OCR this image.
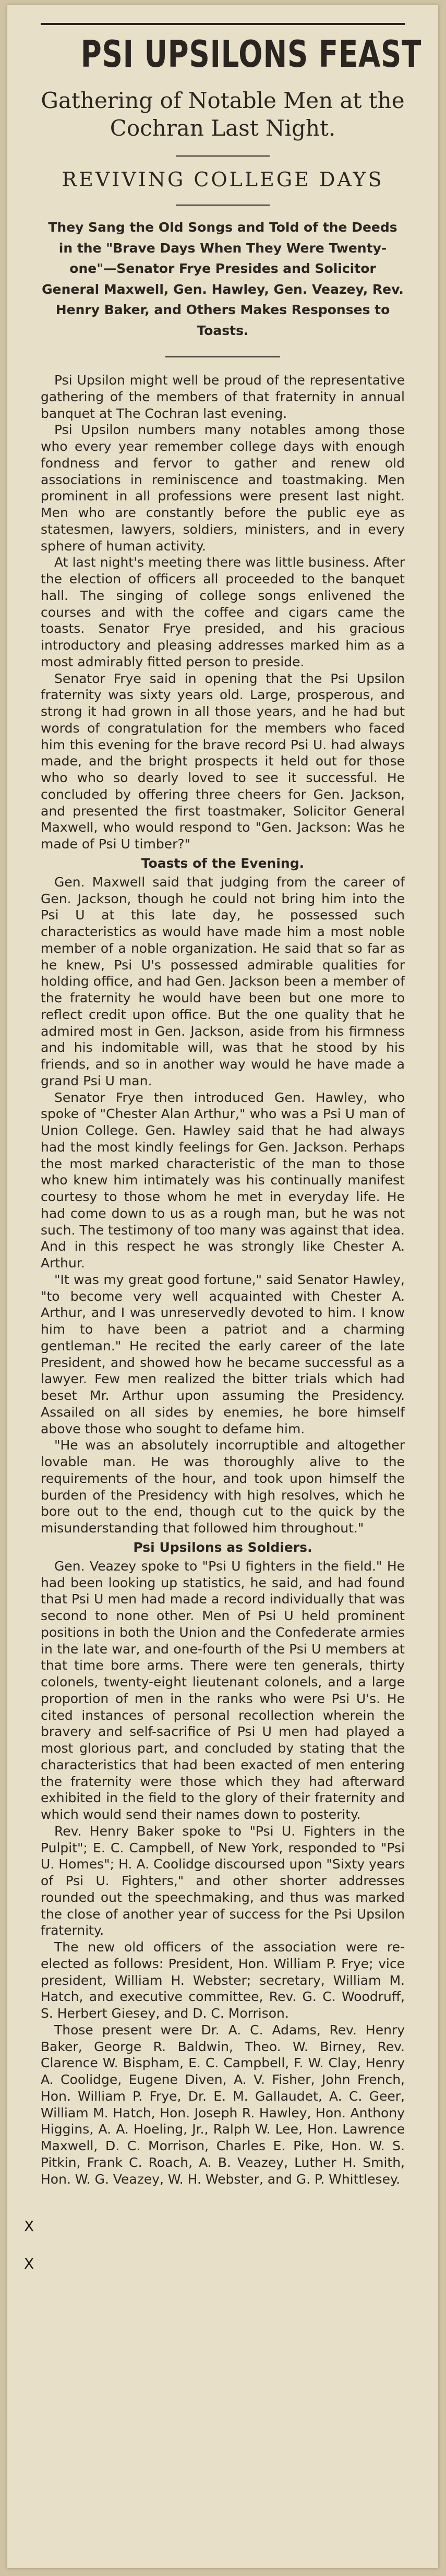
PSI UPSILONS FEAST
Gathering of Notable Men at the
Cochran Last Night.
REVIVING COLLEGE DAYS
They Sang the Old Songs and Told of the Deeds in the "Brave Days When They Were Twenty-one"—Senator Frye Presides and Solicitor General Maxwell, Gen. Hawley, Gen. Veazey, Rev. Henry Baker, and Others Makes Responses to Toasts.

Psi Upsilon might well be proud of the representative gathering of the members of that fraternity in annual banquet at The Cochran last evening.

Psi Upsilon numbers many notables among those who every year remember college days with enough fondness and fervor to gather and renew old associations in reminiscence and toastmaking. Men prominent in all professions were present last night. Men who are constantly before the public eye as statesmen, lawyers, soldiers, ministers, and in every sphere of human activity.

At last night's meeting there was little business. After the election of officers all proceeded to the banquet hall. The singing of college songs enlivened the courses and with the coffee and cigars came the toasts. Senator Frye presided, and his gracious introductory and pleasing addresses marked him as a most admirably fitted person to preside.

Senator Frye said in opening that the Psi Upsilon fraternity was sixty years old. Large, prosperous, and strong it had grown in all those years, and he had but words of congratulation for the members who faced him this evening for the brave record Psi U. had always made, and the bright prospects it held out for those who who so dearly loved to see it successful. He concluded by offering three cheers for Gen. Jackson, and presented the first toastmaker, Solicitor General Maxwell, who would respond to "Gen. Jackson: Was he made of Psi U timber?"

Toasts of the Evening.

Gen. Maxwell said that judging from the career of Gen. Jackson, though he could not bring him into the Psi U at this late day, he possessed such characteristics as would have made him a most noble member of a noble organization. He said that so far as he knew, Psi U's possessed admirable qualities for holding office, and had Gen. Jackson been a member of the fraternity he would have been but one more to reflect credit upon office. But the one quality that he admired most in Gen. Jackson, aside from his firmness and his indomitable will, was that he stood by his friends, and so in another way would he have made a grand Psi U man.

Senator Frye then introduced Gen. Hawley, who spoke of "Chester Alan Arthur," who was a Psi U man of Union College. Gen. Hawley said that he had always had the most kindly feelings for Gen. Jackson. Perhaps the most marked characteristic of the man to those who knew him intimately was his continually manifest courtesy to those whom he met in everyday life. He had come down to us as a rough man, but he was not such. The testimony of too many was against that idea. And in this respect he was strongly like Chester A. Arthur.

"It was my great good fortune," said Senator Hawley, "to become very well acquainted with Chester A. Arthur, and I was unreservedly devoted to him. I know him to have been a patriot and a charming gentleman." He recited the early career of the late President, and showed how he became successful as a lawyer. Few men realized the bitter trials which had beset Mr. Arthur upon assuming the Presidency. Assailed on all sides by enemies, he bore himself above those who sought to defame him.

"He was an absolutely incorruptible and altogether lovable man. He was thoroughly alive to the requirements of the hour, and took upon himself the burden of the Presidency with high resolves, which he bore out to the end, though cut to the quick by the misunderstanding that followed him throughout."

Psi Upsilons as Soldiers.

Gen. Veazey spoke to "Psi U fighters in the field." He had been looking up statistics, he said, and had found that Psi U men had made a record individually that was second to none other. Men of Psi U held prominent positions in both the Union and the Confederate armies in the late war, and one-fourth of the Psi U members at that time bore arms. There were ten generals, thirty colonels, twenty-eight lieutenant colonels, and a large proportion of men in the ranks who were Psi U's. He cited instances of personal recollection wherein the bravery and self-sacrifice of Psi U men had played a most glorious part, and concluded by stating that the characteristics that had been exacted of men entering the fraternity were those which they had afterward exhibited in the field to the glory of their fraternity and which would send their names down to posterity.

Rev. Henry Baker spoke to "Psi U. Fighters in the Pulpit"; E. C. Campbell, of New York, responded to "Psi U. Homes"; H. A. Coolidge discoursed upon "Sixty years of Psi U. Fighters," and other shorter addresses rounded out the speechmaking, and thus was marked the close of another year of success for the Psi Upsilon fraternity.

The new old officers of the association were re-elected as follows: President, Hon. William P. Frye; vice president, William H. Webster; secretary, William M. Hatch, and executive committee, Rev. G. C. Woodruff, S. Herbert Giesey, and D. C. Morrison.

Those present were Dr. A. C. Adams, Rev. Henry Baker, George R. Baldwin, Theo. W. Birney, Rev. Clarence W. Bispham, E. C. Campbell, F. W. Clay, Henry A. Coolidge, Eugene Diven, A. V. Fisher, John French, Hon. William P. Frye, Dr. E. M. Gallaudet, A. C. Geer, William M. Hatch, Hon. Joseph R. Hawley, Hon. Anthony Higgins, A. A. Hoeling, Jr., Ralph W. Lee, Hon. Lawrence Maxwell, D. C. Morrison, Charles E. Pike, Hon. W. S. Pitkin, Frank C. Roach, A. B. Veazey, Luther H. Smith, Hon. W. G. Veazey, W. H. Webster, and G. P. Whittlesey.

X
X
